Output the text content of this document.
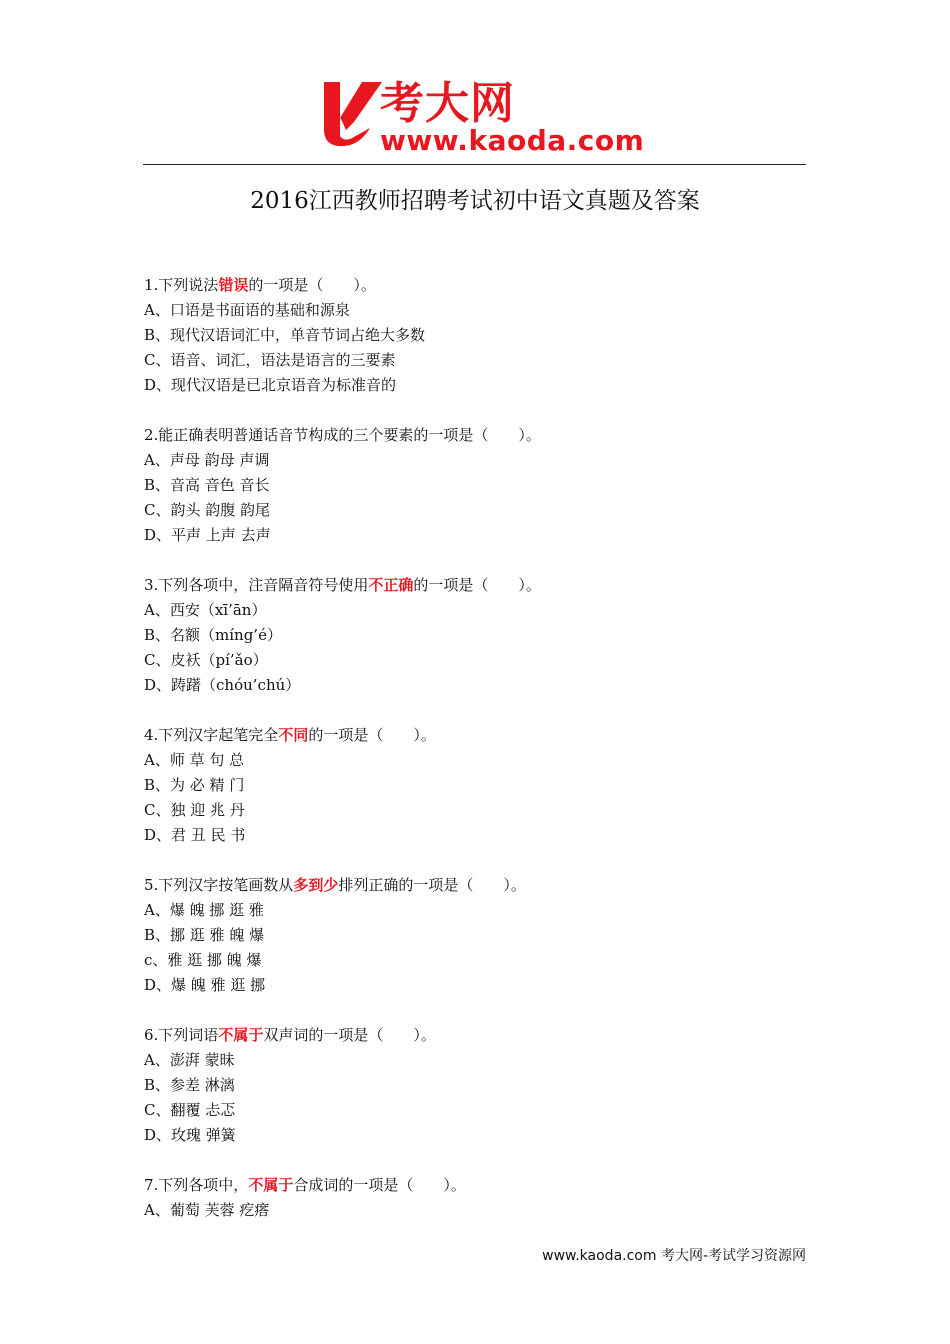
考大网
www.kaoda.com
2016江西教师招聘考试初中语文真题及答案
1.下列说法错误的一项是（　　）。
A、口语是书面语的基础和源泉
B、现代汉语词汇中，单音节词占绝大多数
C、语音、词汇，语法是语言的三要素
D、现代汉语是已北京语音为标准音的
2.能正确表明普通话音节构成的三个要素的一项是（　　）。
A、声母 韵母 声调
B、音高 音色 音长
C、韵头 韵腹 韵尾
D、平声 上声 去声
3.下列各项中，注音隔音符号使用不正确的一项是（　　）。
A、西安（xī’ān）
B、名额（míng’é）
C、皮袄（pí’ǎo）
D、踌躇（chóu’chú）
4.下列汉字起笔完全不同的一项是（　　）。
A、师 草 句 总
B、为 必 精 门
C、独 迎 兆 丹
D、君 丑 民 书
5.下列汉字按笔画数从多到少排列正确的一项是（　　）。
A、爆 魄 挪 逛 雅
B、挪 逛 雅 魄 爆
c、雅 逛 挪 魄 爆
D、爆 魄 雅 逛 挪
6.下列词语不属于双声词的一项是（　　）。
A、澎湃 蒙昧
B、参差 淋漓
C、翻覆 忐忑
D、玫瑰 弹簧
7.下列各项中，不属于合成词的一项是（　　）。
A、葡萄 芙蓉 疙瘩
www.kaoda.com 考大网-考试学习资源网
